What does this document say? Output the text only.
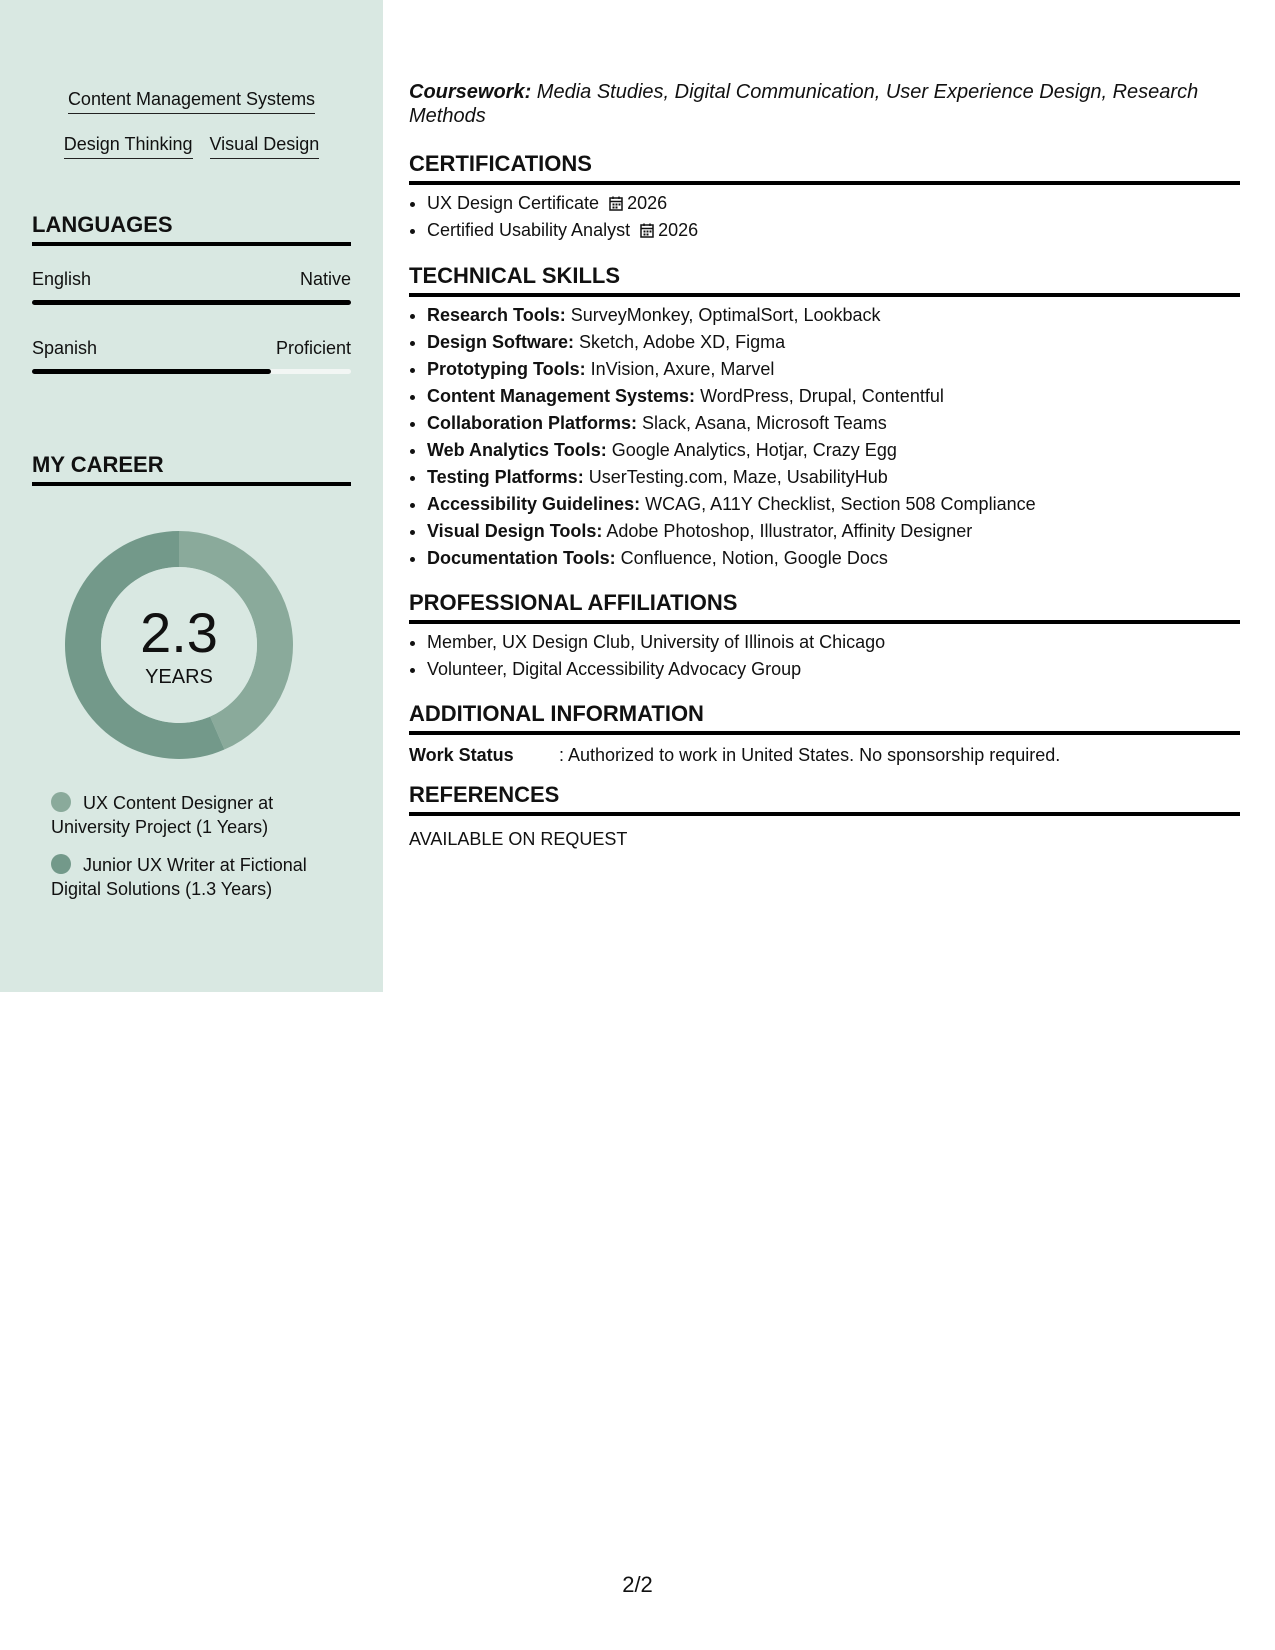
Content Management Systems
Design Thinking Visual Design
LANGUAGES
English	Native
Spanish	Proficient
MY CAREER
2.3
YEARS
UX Content Designer at University Project (1 Years)
Junior UX Writer at Fictional Digital Solutions (1.3 Years)
Coursework: Media Studies, Digital Communication, User Experience Design, Research Methods
CERTIFICATIONS
• UX Design Certificate 2026
• Certified Usability Analyst 2026
TECHNICAL SKILLS
• Research Tools: SurveyMonkey, OptimalSort, Lookback
• Design Software: Sketch, Adobe XD, Figma
• Prototyping Tools: InVision, Axure, Marvel
• Content Management Systems: WordPress, Drupal, Contentful
• Collaboration Platforms: Slack, Asana, Microsoft Teams
• Web Analytics Tools: Google Analytics, Hotjar, Crazy Egg
• Testing Platforms: UserTesting.com, Maze, UsabilityHub
• Accessibility Guidelines: WCAG, A11Y Checklist, Section 508 Compliance
• Visual Design Tools: Adobe Photoshop, Illustrator, Affinity Designer
• Documentation Tools: Confluence, Notion, Google Docs
PROFESSIONAL AFFILIATIONS
• Member, UX Design Club, University of Illinois at Chicago
• Volunteer, Digital Accessibility Advocacy Group
ADDITIONAL INFORMATION
Work Status	: Authorized to work in United States. No sponsorship required.
REFERENCES
AVAILABLE ON REQUEST
2/2
